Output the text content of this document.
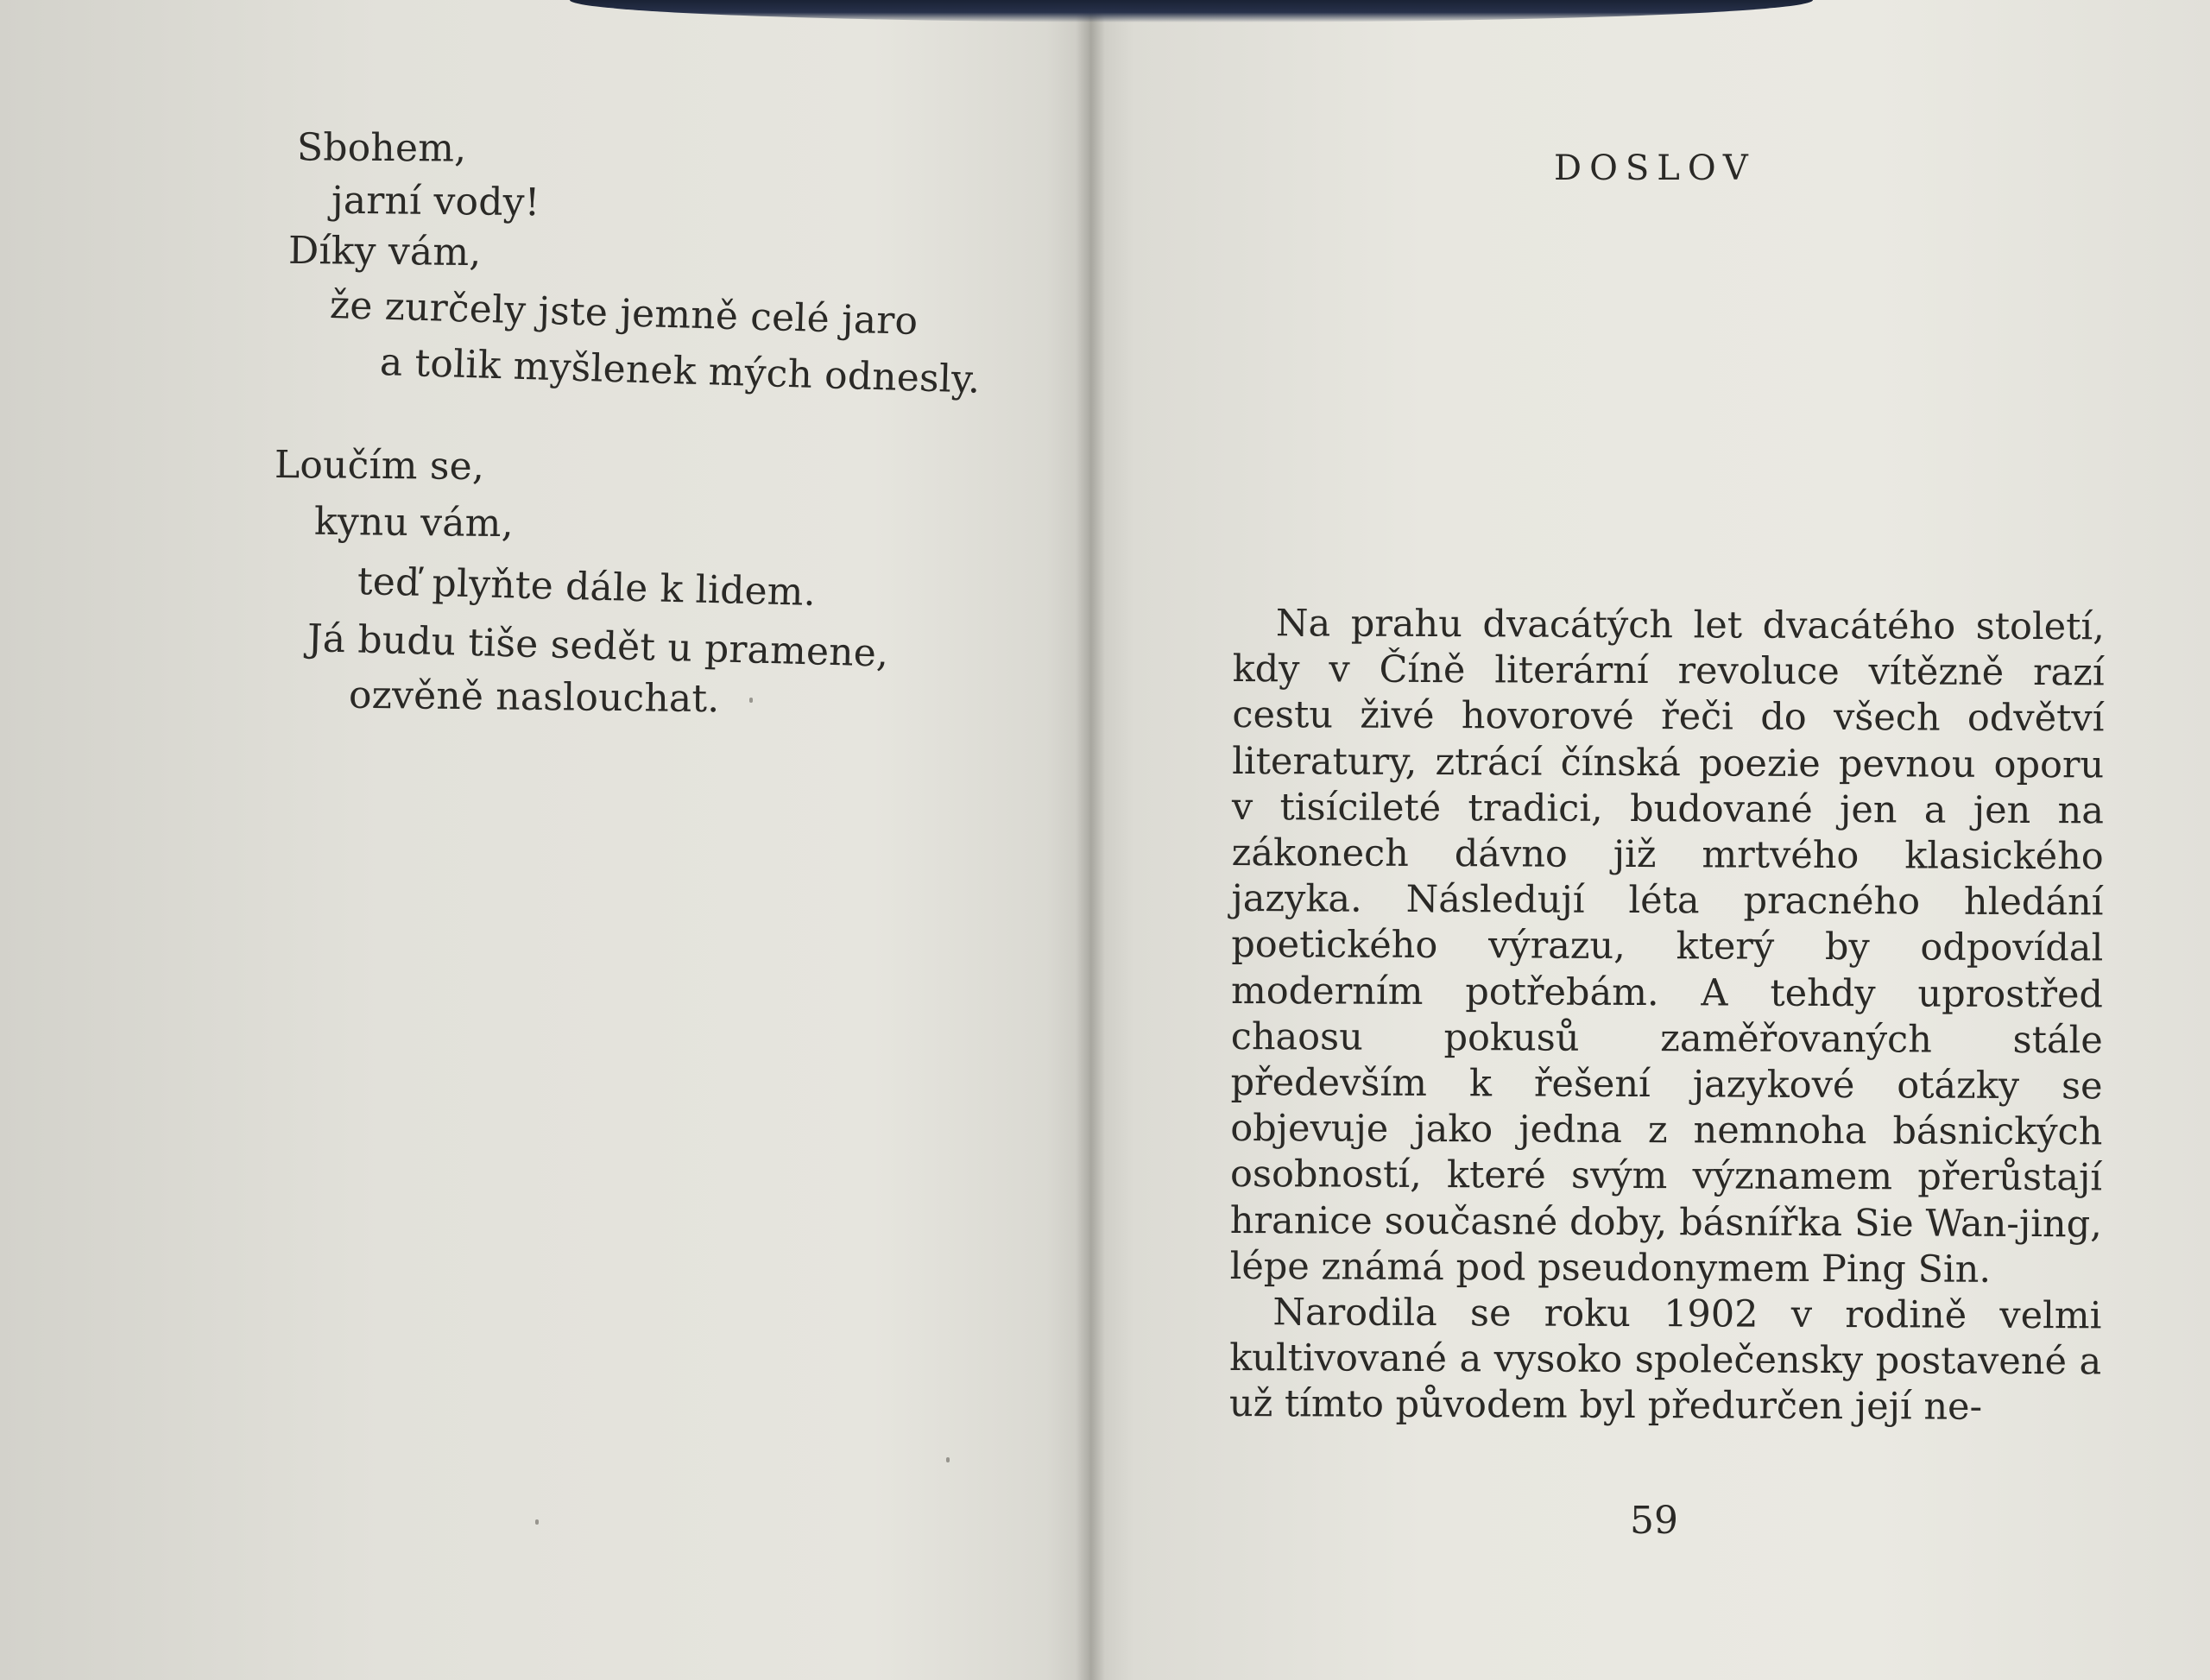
Sbohem,
jarní vody!
Díky vám,
že zurčely jste jemně celé jaro
a tolik myšlenek mých odnesly.
Loučím se,
kynu vám,
teď plyňte dále k lidem.
Já budu tiše sedět u pramene,
ozvěně naslouchat.
DOSLOV

Na prahu dvacátých let dvacátého století, kdy v Číně literární revoluce vítězně razí cestu živé hovorové řeči do všech odvětví literatury, ztrácí čínská poezie pevnou oporu v tisícileté tradici, budované jen a jen na zákonech dávno již mrtvého klasického jazyka. Následují léta pracného hledání poetického výrazu, který by odpovídal moderním potřebám. A tehdy uprostřed chaosu pokusů zaměřovaných stále především k řešení jazykové otázky se objevuje jako jedna z nemnoha básnických osobností, které svým významem přerůstají hranice současné doby, básnířka Sie Wan-jing, lépe známá pod pseudonymem Ping Sin.

Narodila se roku 1902 v rodině velmi kultivované a vysoko společensky postavené a už tímto původem byl předurčen její ne-

59
